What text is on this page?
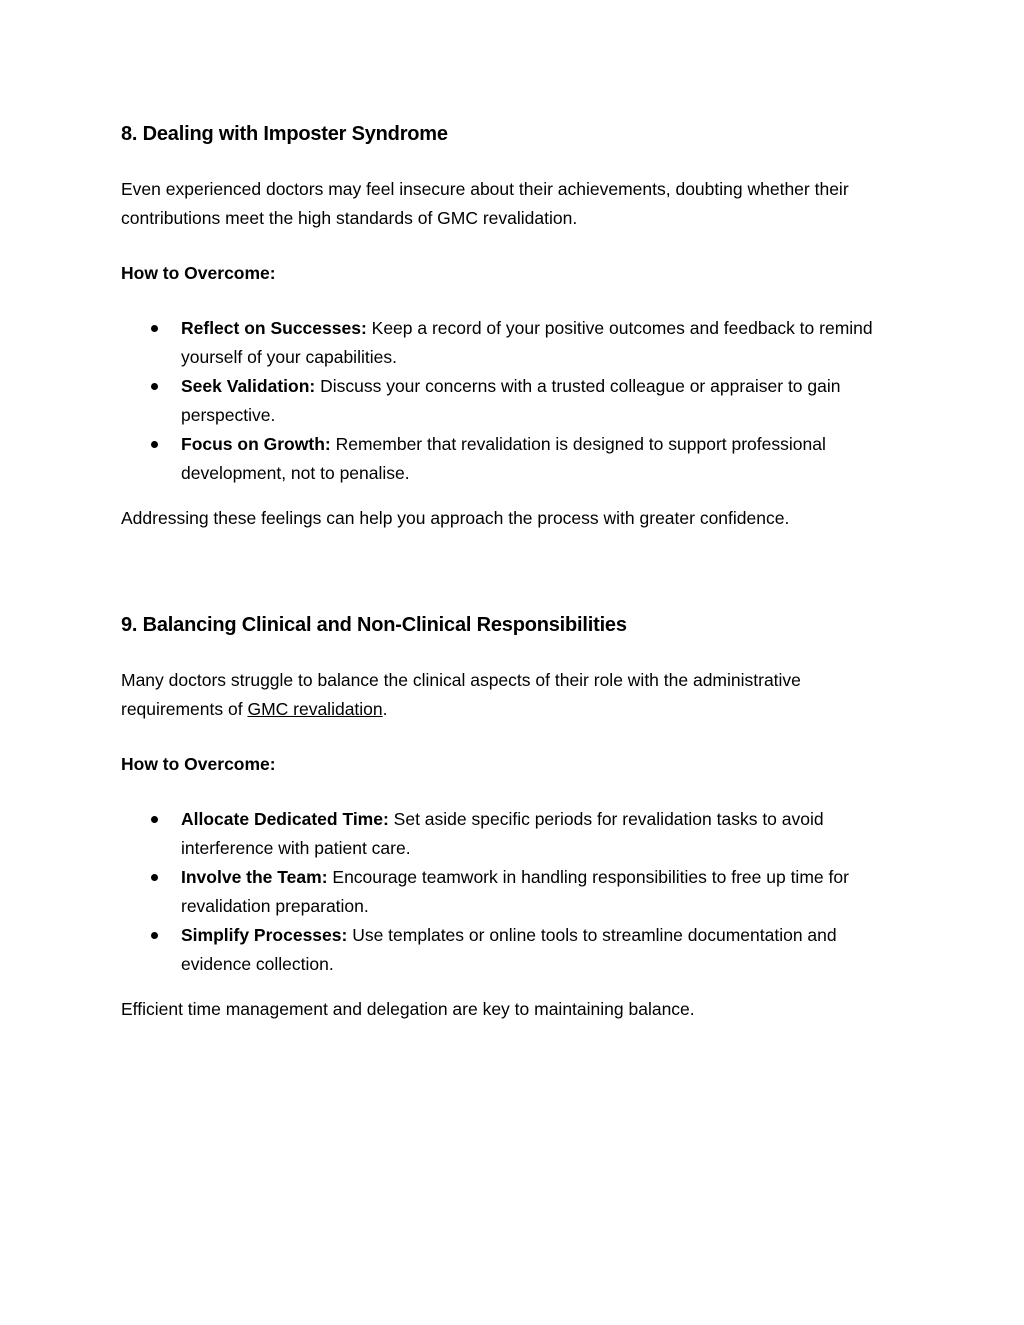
8. Dealing with Imposter Syndrome

Even experienced doctors may feel insecure about their achievements, doubting whether their contributions meet the high standards of GMC revalidation.

How to Overcome:

Reflect on Successes: Keep a record of your positive outcomes and feedback to remind yourself of your capabilities.
Seek Validation: Discuss your concerns with a trusted colleague or appraiser to gain perspective.
Focus on Growth: Remember that revalidation is designed to support professional development, not to penalise.

Addressing these feelings can help you approach the process with greater confidence.

9. Balancing Clinical and Non-Clinical Responsibilities

Many doctors struggle to balance the clinical aspects of their role with the administrative requirements of GMC revalidation.

How to Overcome:

Allocate Dedicated Time: Set aside specific periods for revalidation tasks to avoid interference with patient care.
Involve the Team: Encourage teamwork in handling responsibilities to free up time for revalidation preparation.
Simplify Processes: Use templates or online tools to streamline documentation and evidence collection.

Efficient time management and delegation are key to maintaining balance.
